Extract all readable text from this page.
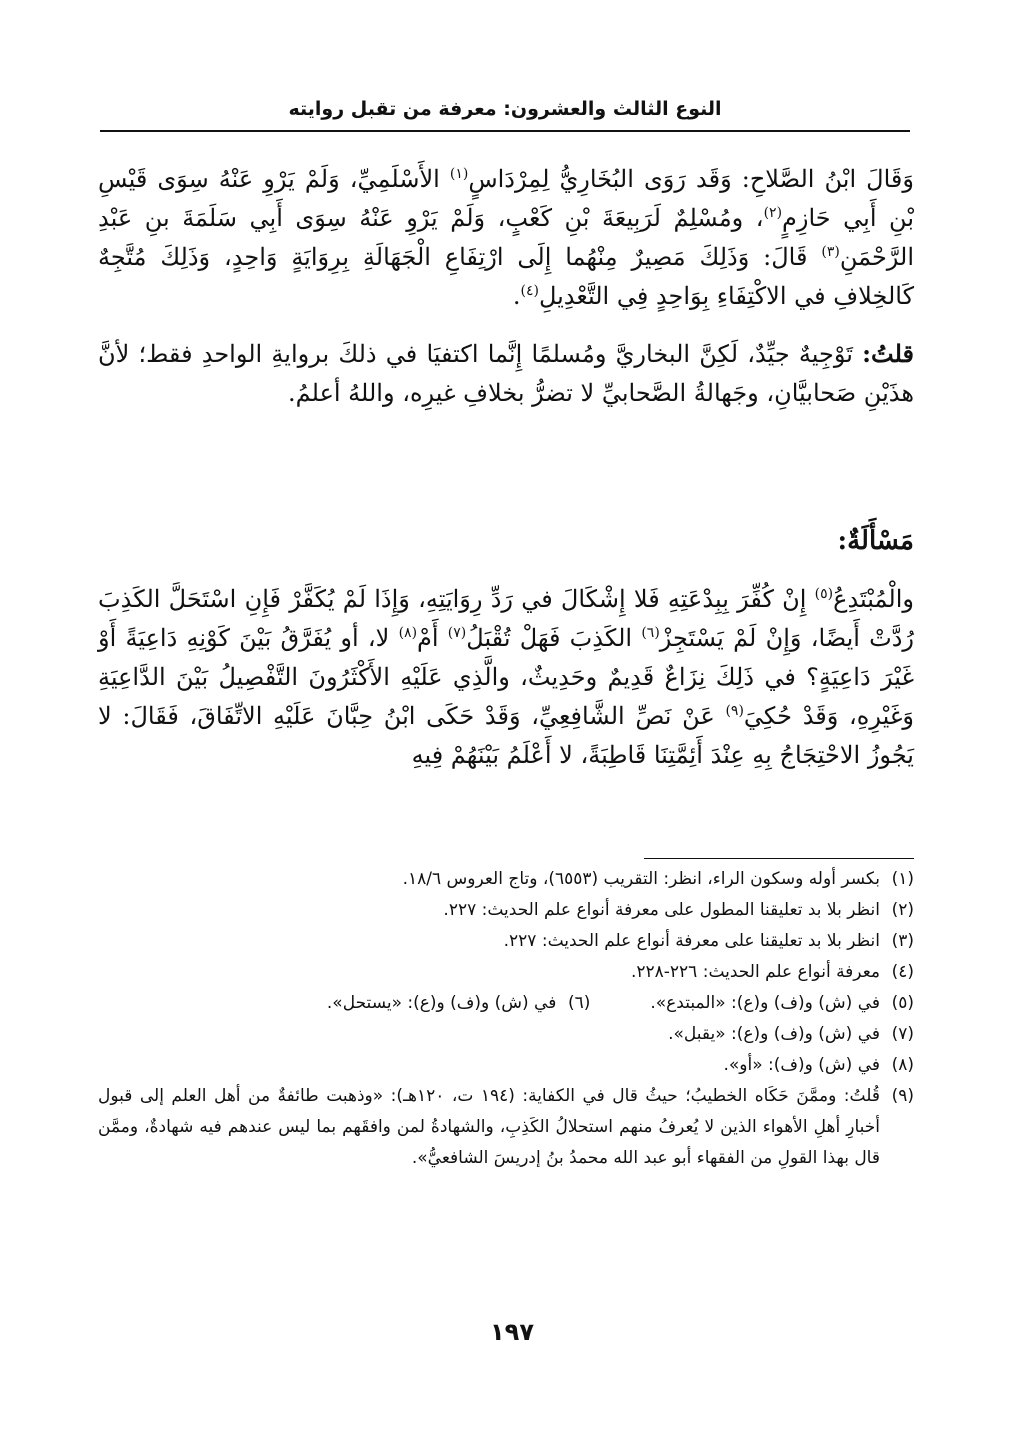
النوع الثالث والعشرون: معرفة من تقبل روايته

وَقَالَ ابْنُ الصَّلاحِ: وَقَد رَوَى البُخَارِيُّ لِمِرْدَاسٍ$^{(١)}$ الأَسْلَمِيِّ، وَلَمْ يَرْوِ عَنْهُ سِوَى قَيْسِ بْنِ أَبِي حَازِمٍ$^{(٢)}$، ومُسْلِمٌ لَرَبِيعَةَ بْنِ كَعْبٍ، وَلَمْ يَرْوِ عَنْهُ سِوَى أَبِي سَلَمَةَ بنِ عَبْدِ الرَّحْمَنِ$^{(٣)}$ قَالَ: وَذَلِكَ مَصِيرٌ مِنْهُما إِلَى ارْتِفَاعِ الْجَهَالَةِ بِرِوَايَةٍ وَاحِدٍ، وَذَلِكَ مُتَّجِهٌ كَالخِلافِ في الاكْتِفَاءِ بِوَاحِدٍ فِي التَّعْدِيلِ$^{(٤)}$.

قلتُ: تَوْجِيهٌ جيِّدٌ، لَكِنَّ البخاريَّ ومُسلمًا إِنَّما اكتفيَا في ذلكَ بروايةِ الواحدِ فقط؛ لأنَّ هذَيْنِ صَحابيَّانِ، وجَهالةُ الصَّحابيِّ لا تضرُّ بخلافِ غيرِه، واللهُ أعلمُ.

مَسْأَلَةٌ:

والْمُبْتَدِعُ$^{(٥)}$ إِنْ كُفِّرَ بِبِدْعَتِهِ فَلا إِشْكَالَ في رَدِّ رِوَايَتِهِ، وَإِذَا لَمْ يُكَفَّرْ فَإِنِ اسْتَحَلَّ الكَذِبَ رُدَّتْ أَيضًا، وَإِنْ لَمْ يَسْتَجِزْ$^{(٦)}$ الكَذِبَ فَهَلْ تُقْبَلُ$^{(٧)}$ أَمْ$^{(٨)}$ لا، أو يُفَرَّقُ بَيْنَ كَوْنِهِ دَاعِيَةً أَوْ غَيْرَ دَاعِيَةٍ؟ في ذَلِكَ نِزَاعٌ قَدِيمٌ وحَدِيثٌ، والَّذِي عَلَيْهِ الأَكْثَرُونَ التَّفْصِيلُ بَيْنَ الدَّاعِيَةِ وَغَيْرِهِ، وَقَدْ حُكِيَ$^{(٩)}$ عَنْ نَصِّ الشَّافِعِيِّ، وَقَدْ حَكَى ابْنُ حِبَّانَ عَلَيْهِ الاتِّفَاقَ، فَقَالَ: لا يَجُوزُ الاحْتِجَاجُ بِهِ عِنْدَ أَئِمَّتِنَا قَاطِبَةً، لا أَعْلَمُ بَيْنَهُمْ فِيهِ

(١)بكسر أوله وسكون الراء، انظر: التقريب (٦٥٥٣)، وتاج العروس ١٨/٦.
(٢)انظر بلا بد تعليقنا المطول على معرفة أنواع علم الحديث: ٢٢٧.
(٣)انظر بلا بد تعليقنا على معرفة أنواع علم الحديث: ٢٢٧.
(٤)معرفة أنواع علم الحديث: ٢٢٦-٢٢٨.
(٥)في (ش) و(ف) و(ع): «المبتدع».
(٦)في (ش) و(ف) و(ع): «يستحل».
(٧)في (ش) و(ف) و(ع): «يقبل».
(٨)في (ش) و(ف): «أو».
(٩)
قُلتُ: وممَّنَ حَكَاه الخطيبُ؛ حيثُ قال في الكفاية: (١٩٤ ت، ١٢٠هـ): «وذهبت طائفةٌ من أهل العلم إلى قبول أخبارِ أهلِ الأهواء الذين لا يُعرفُ منهم استحلالُ الكَذِبِ، والشهادةُ لمن وافقَهم بما ليس عندهم فيه شهادةٌ، وممَّن قال بهذا القولِ من الفقهاء أبو عبد الله محمدُ بنُ إدريسَ الشافعيُّ».
١٩٧
